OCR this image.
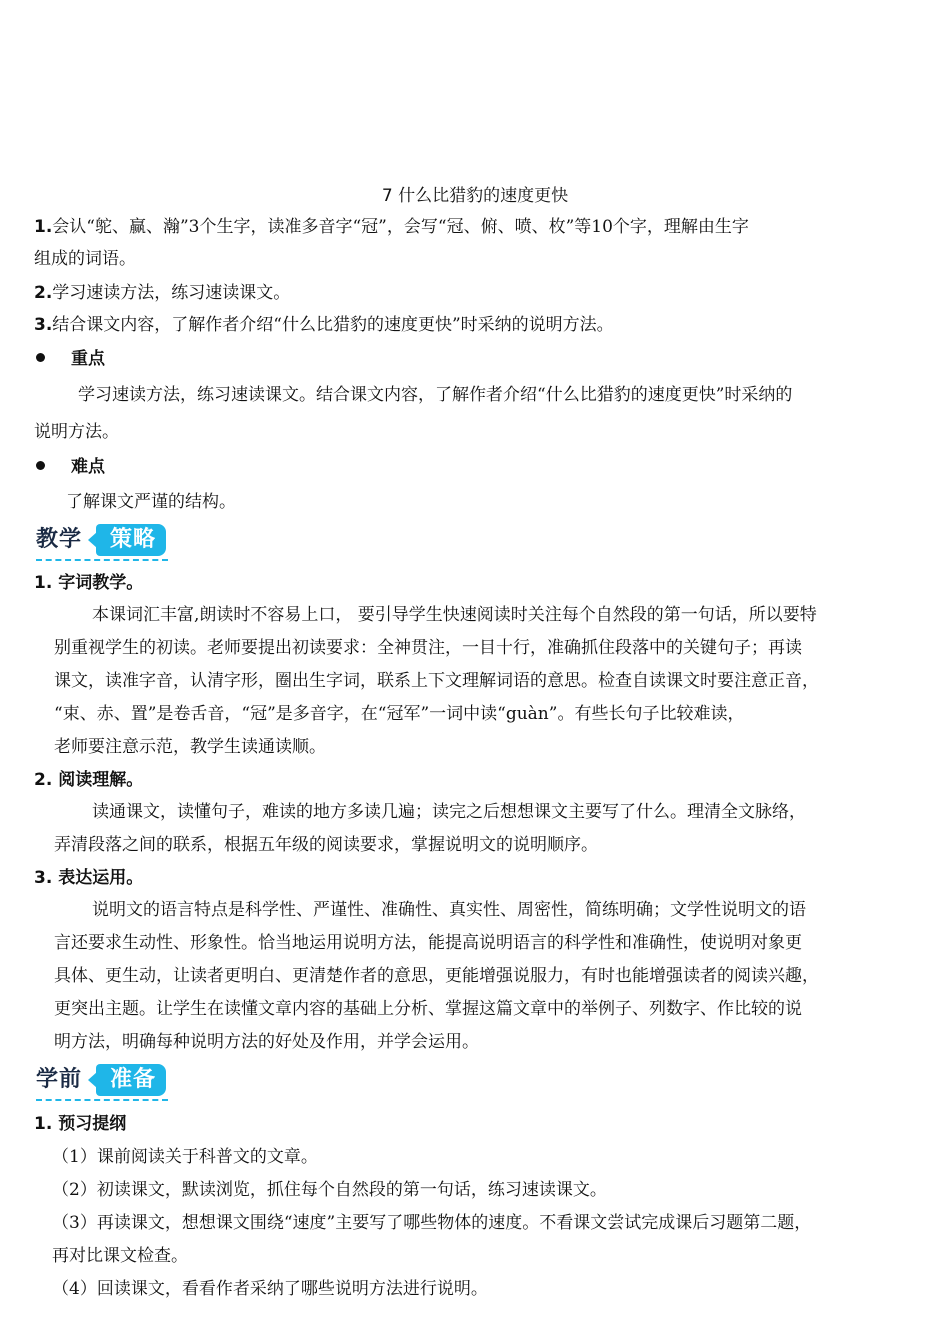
7 什么比猎豹的速度更快
1.会认“鸵、赢、瀚”3个生字，读准多音字“冠”，会写“冠、俯、喷、枚”等10个字，理解由生字
组成的词语。
2.学习速读方法，练习速读课文。
3.结合课文内容，了解作者介绍“什么比猎豹的速度更快”时采纳的说明方法。
重点
学习速读方法，练习速读课文。结合课文内容，了解作者介绍“什么比猎豹的速度更快”时采纳的
说明方法。
难点
了解课文严谨的结构。
教学	策略
1. 字词教学。
本课词汇丰富,朗读时不容易上口， 要引导学生快速阅读时关注每个自然段的第一句话，所以要特
别重视学生的初读。老师要提出初读要求：全神贯注，一目十行，准确抓住段落中的关键句子；再读
课文，读准字音，认清字形，圈出生字词，联系上下文理解词语的意思。检查自读课文时要注意正音，
“束、赤、置”是卷舌音，“冠”是多音字，在“冠军”一词中读“guàn”。有些长句子比较难读，
老师要注意示范，教学生读通读顺。
2. 阅读理解。
读通课文，读懂句子，难读的地方多读几遍；读完之后想想课文主要写了什么。理清全文脉络，
弄清段落之间的联系，根据五年级的阅读要求，掌握说明文的说明顺序。
3. 表达运用。
说明文的语言特点是科学性、严谨性、准确性、真实性、周密性，简练明确；文学性说明文的语
言还要求生动性、形象性。恰当地运用说明方法，能提高说明语言的科学性和准确性，使说明对象更
具体、更生动，让读者更明白、更清楚作者的意思，更能增强说服力，有时也能增强读者的阅读兴趣，
更突出主题。让学生在读懂文章内容的基础上分析、掌握这篇文章中的举例子、列数字、作比较的说
明方法，明确每种说明方法的好处及作用，并学会运用。
学前	准备
1. 预习提纲
（1）课前阅读关于科普文的文章。
（2）初读课文，默读浏览，抓住每个自然段的第一句话，练习速读课文。
（3）再读课文，想想课文围绕“速度”主要写了哪些物体的速度。不看课文尝试完成课后习题第二题，
再对比课文检查。
（4）回读课文，看看作者采纳了哪些说明方法进行说明。
